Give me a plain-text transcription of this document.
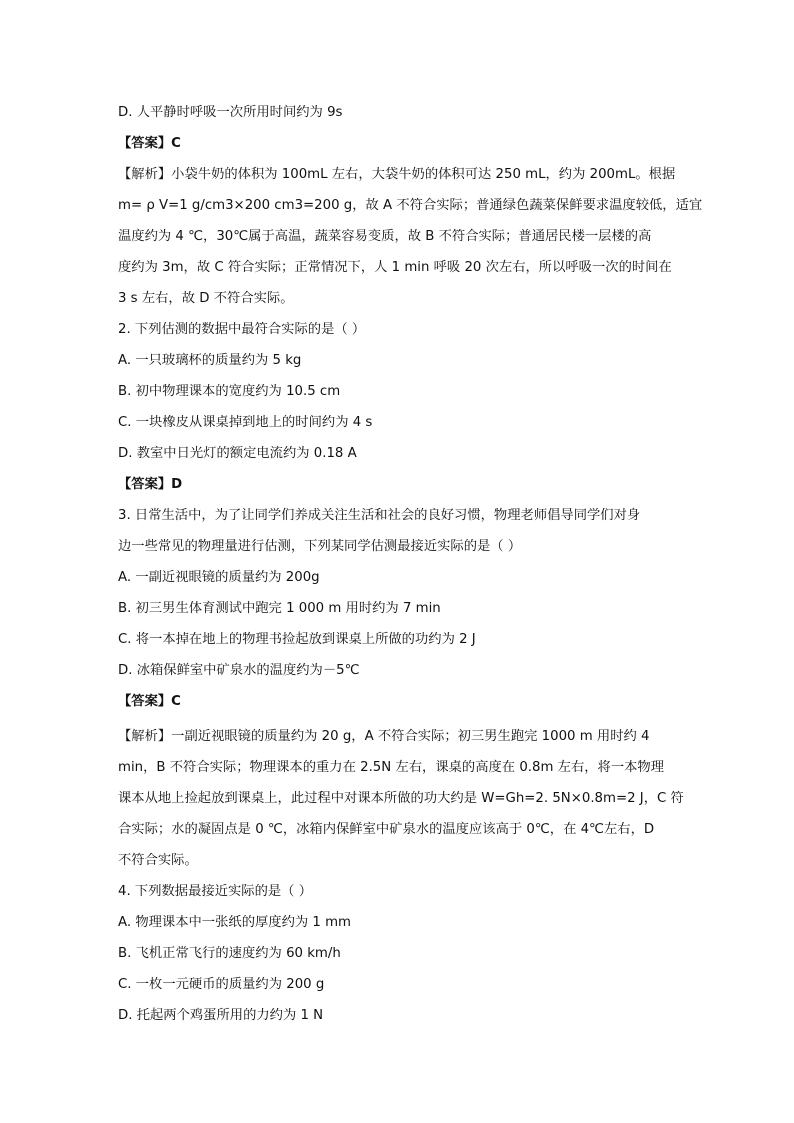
D. 人平静时呼吸一次所用时间约为 9s
【答案】C
【解析】小袋牛奶的体积为 100mL 左右，大袋牛奶的体积可达 250 mL，约为 200mL。根据
m= ρ V=1 g/cm3×200 cm3=200 g，故 A 不符合实际；普通绿色蔬菜保鲜要求温度较低，适宜
温度约为 4 ℃，30℃属于高温，蔬菜容易变质，故 B 不符合实际；普通居民楼一层楼的高
度约为 3m，故 C 符合实际；正常情况下，人 1 min 呼吸 20 次左右，所以呼吸一次的时间在
3 s 左右，故 D 不符合实际。
2. 下列估测的数据中最符合实际的是（ ）
A. 一只玻璃杯的质量约为 5 kg
B. 初中物理课本的宽度约为 10.5 cm
C. 一块橡皮从课桌掉到地上的时间约为 4 s
D. 教室中日光灯的额定电流约为 0.18 A
【答案】D
3. 日常生活中，为了让同学们养成关注生活和社会的良好习惯，物理老师倡导同学们对身
边一些常见的物理量进行估测，下列某同学估测最接近实际的是（ ）
A. 一副近视眼镜的质量约为 200g
B. 初三男生体育测试中跑完 1 000 m 用时约为 7 min
C. 将一本掉在地上的物理书捡起放到课桌上所做的功约为 2 J
D. 冰箱保鲜室中矿泉水的温度约为－5℃
【答案】C
【解析】一副近视眼镜的质量约为 20 g，A 不符合实际；初三男生跑完 1000 m 用时约 4
min，B 不符合实际；物理课本的重力在 2.5N 左右，课桌的高度在 0.8m 左右，将一本物理
课本从地上捡起放到课桌上，此过程中对课本所做的功大约是 W=Gh=2. 5N×0.8m=2 J，C 符
合实际；水的凝固点是 0 ℃，冰箱内保鲜室中矿泉水的温度应该高于 0℃，在 4℃左右，D
不符合实际。
4. 下列数据最接近实际的是（ ）
A. 物理课本中一张纸的厚度约为 1 mm
B. 飞机正常飞行的速度约为 60 km/h
C. 一枚一元硬币的质量约为 200 g
D. 托起两个鸡蛋所用的力约为 1 N
